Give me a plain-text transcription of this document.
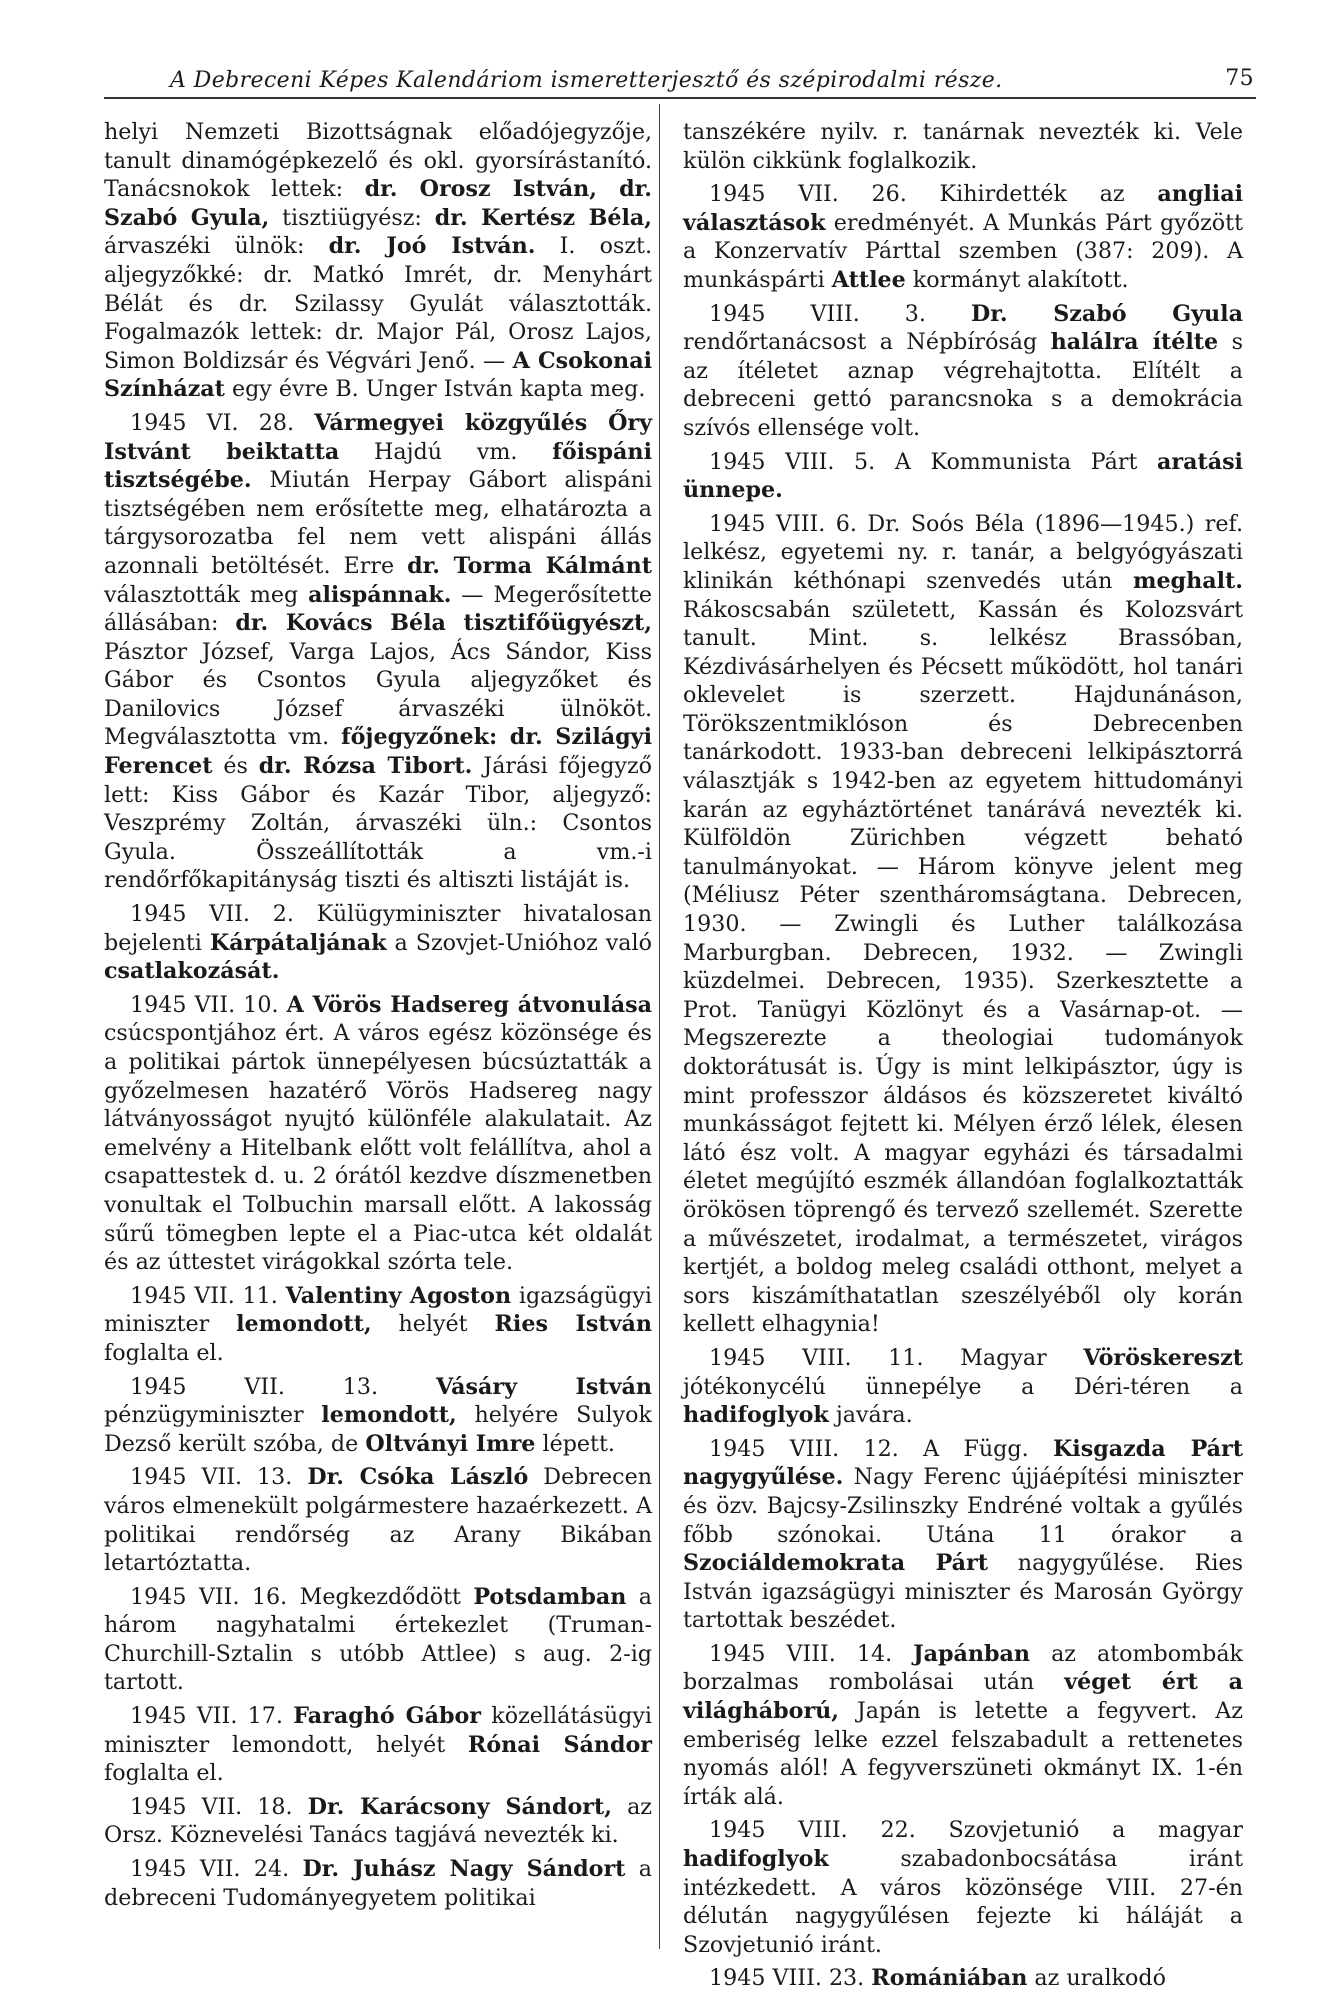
A Debreceni Képes Kalendáriom ismeretterjesztő és szépirodalmi része.	75

helyi Nemzeti Bizottságnak előadójegyzője, tanult dinamógépkezelő és okl. gyorsírástanító. Tanácsnokok lettek: dr. Orosz István, dr. Szabó Gyula, tisztiügyész: dr. Kertész Béla, árvaszéki ülnök: dr. Joó István. I. oszt. aljegyzőkké: dr. Matkó Imrét, dr. Menyhárt Bélát és dr. Szilassy Gyulát választották. Fogalmazók lettek: dr. Major Pál, Orosz Lajos, Simon Boldizsár és Végvári Jenő. — A Csokonai Színházat egy évre B. Unger István kapta meg.

1945 VI. 28. Vármegyei közgyűlés Őry Istvánt beiktatta Hajdú vm. főispáni tisztségébe. Miután Herpay Gábort alispáni tisztségében nem erősítette meg, elhatározta a tárgysorozatba fel nem vett alispáni állás azonnali betöltését. Erre dr. Torma Kálmánt választották meg alispánnak. — Megerősítette állásában: dr. Kovács Béla tisztifőügyészt, Pásztor József, Varga Lajos, Ács Sándor, Kiss Gábor és Csontos Gyula aljegyzőket és Danilovics József árvaszéki ülnököt. Megválasztotta vm. főjegyzőnek: dr. Szilágyi Ferencet és dr. Rózsa Tibort. Járási főjegyző lett: Kiss Gábor és Kazár Tibor, aljegyző: Veszprémy Zoltán, árvaszéki üln.: Csontos Gyula. Összeállították a vm.-i rendőrfőkapitányság tiszti és altiszti listáját is.

1945 VII. 2. Külügyminiszter hivatalosan bejelenti Kárpátaljának a Szovjet-Unióhoz való csatlakozását.

1945 VII. 10. A Vörös Hadsereg átvonulása csúcspontjához ért. A város egész közönsége és a politikai pártok ünnepélyesen búcsúztatták a győzelmesen hazatérő Vörös Hadsereg nagy látványosságot nyujtó különféle alakulatait. Az emelvény a Hitelbank előtt volt felállítva, ahol a csapattestek d. u. 2 órától kezdve díszmenetben vonultak el Tolbuchin marsall előtt. A lakosság sűrű tömegben lepte el a Piac-utca két oldalát és az úttestet virágokkal szórta tele.

1945 VII. 11. Valentiny Agoston igazságügyi miniszter lemondott, helyét Ries István foglalta el.

1945 VII. 13. Vásáry István pénzügyminiszter lemondott, helyére Sulyok Dezső került szóba, de Oltványi Imre lépett.

1945 VII. 13. Dr. Csóka László Debrecen város elmenekült polgármestere hazaérkezett. A politikai rendőrség az Arany Bikában letartóztatta.

1945 VII. 16. Megkezdődött Potsdamban a három nagyhatalmi értekezlet (Truman-Churchill-Sztalin s utóbb Attlee) s aug. 2-ig tartott.

1945 VII. 17. Faraghó Gábor közellátásügyi miniszter lemondott, helyét Rónai Sándor foglalta el.

1945 VII. 18. Dr. Karácsony Sándort, az Orsz. Köznevelési Tanács tagjává nevezték ki.

1945 VII. 24. Dr. Juhász Nagy Sándort a debreceni Tudományegyetem politikai

tanszékére nyilv. r. tanárnak nevezték ki. Vele külön cikkünk foglalkozik.

1945 VII. 26. Kihirdették az angliai választások eredményét. A Munkás Párt győzött a Konzervatív Párttal szemben (387: 209). A munkáspárti Attlee kormányt alakított.

1945 VIII. 3. Dr. Szabó Gyula rendőrtanácsost a Népbíróság halálra ítélte s az ítéletet aznap végrehajtotta. Elítélt a debreceni gettó parancsnoka s a demokrácia szívós ellensége volt.

1945 VIII. 5. A Kommunista Párt aratási ünnepe.

1945 VIII. 6. Dr. Soós Béla (1896—1945.) ref. lelkész, egyetemi ny. r. tanár, a belgyógyászati klinikán kéthónapi szenvedés után meghalt. Rákoscsabán született, Kassán és Kolozsvárt tanult. Mint. s. lelkész Brassóban, Kézdivásárhelyen és Pécsett működött, hol tanári oklevelet is szerzett. Hajdunánáson, Törökszentmiklóson és Debrecenben tanárkodott. 1933-ban debreceni lelkipásztorrá választják s 1942-ben az egyetem hittudományi karán az egyháztörténet tanárává nevezték ki. Külföldön Zürichben végzett beható tanulmányokat. — Három könyve jelent meg (Méliusz Péter szentháromságtana. Debrecen, 1930. — Zwingli és Luther találkozása Marburgban. Debrecen, 1932. — Zwingli küzdelmei. Debrecen, 1935). Szerkesztette a Prot. Tanügyi Közlönyt és a Vasárnap-ot. — Megszerezte a theologiai tudományok doktorátusát is. Úgy is mint lelkipásztor, úgy is mint professzor áldásos és közszeretet kiváltó munkásságot fejtett ki. Mélyen érző lélek, élesen látó ész volt. A magyar egyházi és társadalmi életet megújító eszmék állandóan foglalkoztatták örökösen töprengő és tervező szellemét. Szerette a művészetet, irodalmat, a természetet, virágos kertjét, a boldog meleg családi otthont, melyet a sors kiszámíthatatlan szeszélyéből oly korán kellett elhagynia!

1945 VIII. 11. Magyar Vöröskereszt jótékonycélú ünnepélye a Déri-téren a hadifoglyok javára.

1945 VIII. 12. A Függ. Kisgazda Párt nagygyűlése. Nagy Ferenc újjáépítési miniszter és özv. Bajcsy-Zsilinszky Endréné voltak a gyűlés főbb szónokai. Utána 11 órakor a Szociáldemokrata Párt nagygyűlése. Ries István igazságügyi miniszter és Marosán György tartottak beszédet.

1945 VIII. 14. Japánban az atombombák borzalmas rombolásai után véget ért a világháború, Japán is letette a fegyvert. Az emberiség lelke ezzel felszabadult a rettenetes nyomás alól! A fegyverszüneti okmányt IX. 1-én írták alá.

1945 VIII. 22. Szovjetunió a magyar hadifoglyok szabadonbocsátása iránt intézkedett. A város közönsége VIII. 27-én délután nagygyűlésen fejezte ki háláját a Szovjetunió iránt.

1945 VIII. 23. Romániában az uralkodó
